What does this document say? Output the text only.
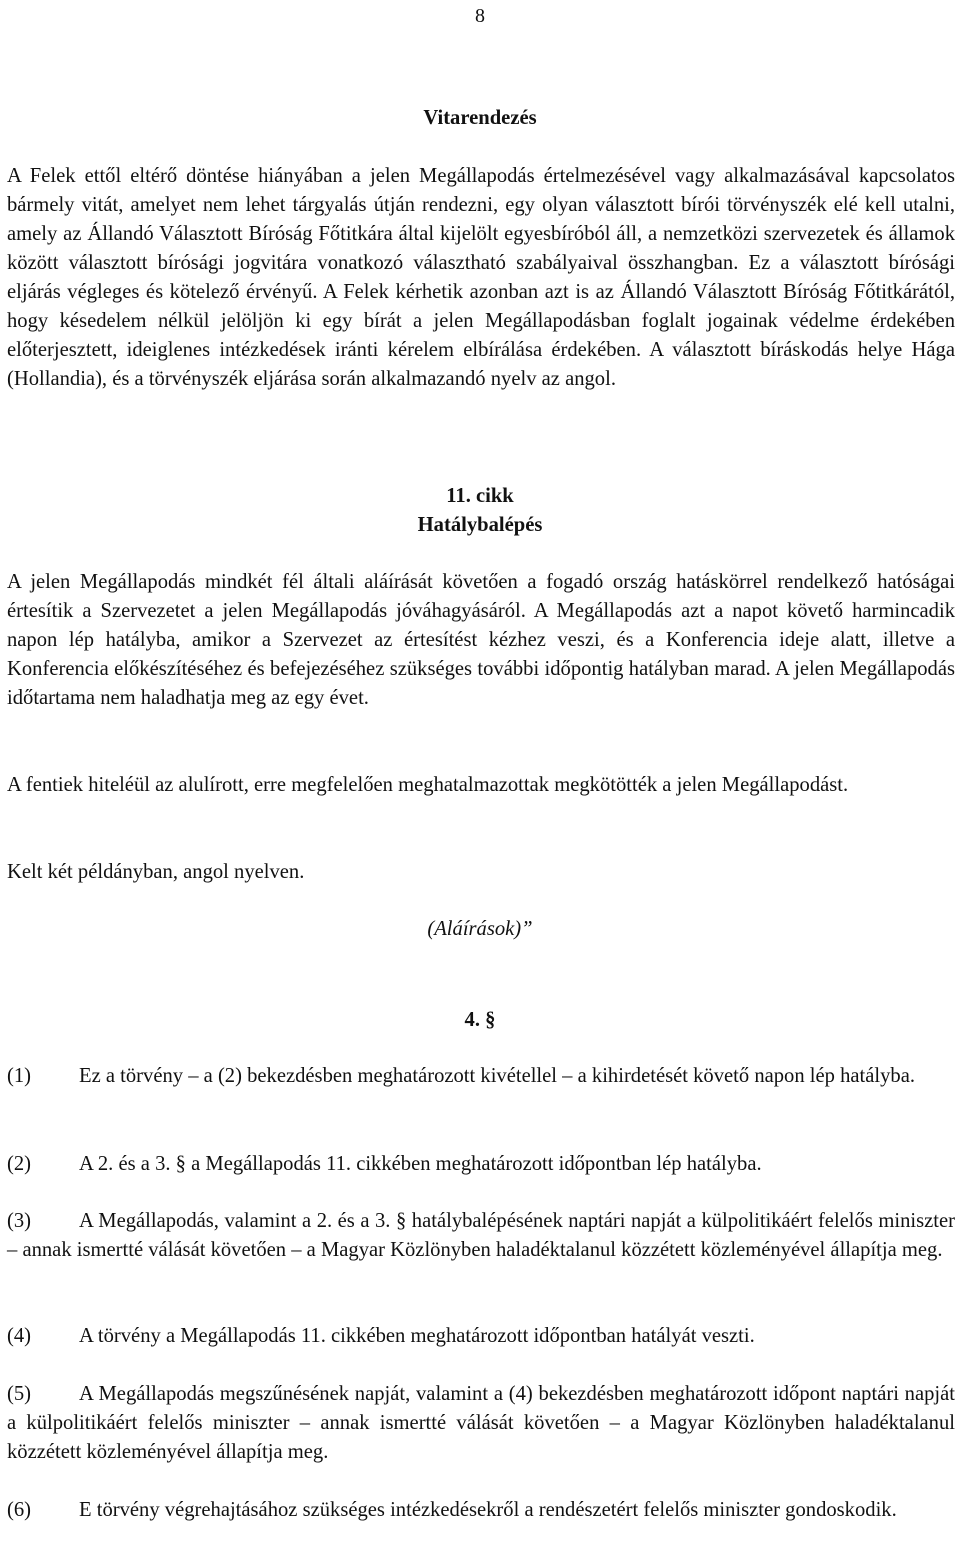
8
Vitarendezés
A Felek ettől eltérő döntése hiányában a jelen Megállapodás értelmezésével vagy alkalmazásával kapcsolatos bármely vitát, amelyet nem lehet tárgyalás útján rendezni, egy olyan választott bírói törvényszék elé kell utalni, amely az Állandó Választott Bíróság Főtitkára által kijelölt egyesbíróból áll, a nemzetközi szervezetek és államok között választott bírósági jogvitára vonatkozó választható szabályaival összhangban. Ez a választott bírósági eljárás végleges és kötelező érvényű. A Felek kérhetik azonban azt is az Állandó Választott Bíróság Főtitkárától, hogy késedelem nélkül jelöljön ki egy bírát a jelen Megállapodásban foglalt jogainak védelme érdekében előterjesztett, ideiglenes intézkedések iránti kérelem elbírálása érdekében. A választott bíráskodás helye Hága (Hollandia), és a törvényszék eljárása során alkalmazandó nyelv az angol.
11. cikk
Hatálybalépés
A jelen Megállapodás mindkét fél általi aláírását követően a fogadó ország hatáskörrel rendelkező hatóságai értesítik a Szervezetet a jelen Megállapodás jóváhagyásáról. A Megállapodás azt a napot követő harmincadik napon lép hatályba, amikor a Szervezet az értesítést kézhez veszi, és a Konferencia ideje alatt, illetve a Konferencia előkészítéséhez és befejezéséhez szükséges további időpontig hatályban marad. A jelen Megállapodás időtartama nem haladhatja meg az egy évet.
A fentiek hiteléül az alulírott, erre megfelelően meghatalmazottak megkötötték a jelen Megállapodást.
Kelt két példányban, angol nyelven.
(Aláírások)”
4. §
(1) Ez a törvény – a (2) bekezdésben meghatározott kivétellel – a kihirdetését követő napon lép hatályba.
(2) A 2. és a 3. § a Megállapodás 11. cikkében meghatározott időpontban lép hatályba.
(3) A Megállapodás, valamint a 2. és a 3. § hatálybalépésének naptári napját a külpolitikáért felelős miniszter – annak ismertté válását követően – a Magyar Közlönyben haladéktalanul közzétett közleményével állapítja meg.
(4) A törvény a Megállapodás 11. cikkében meghatározott időpontban hatályát veszti.
(5) A Megállapodás megszűnésének napját, valamint a (4) bekezdésben meghatározott időpont naptári napját a külpolitikáért felelős miniszter – annak ismertté válását követően – a Magyar Közlönyben haladéktalanul közzétett közleményével állapítja meg.
(6) E törvény végrehajtásához szükséges intézkedésekről a rendészetért felelős miniszter gondoskodik.
